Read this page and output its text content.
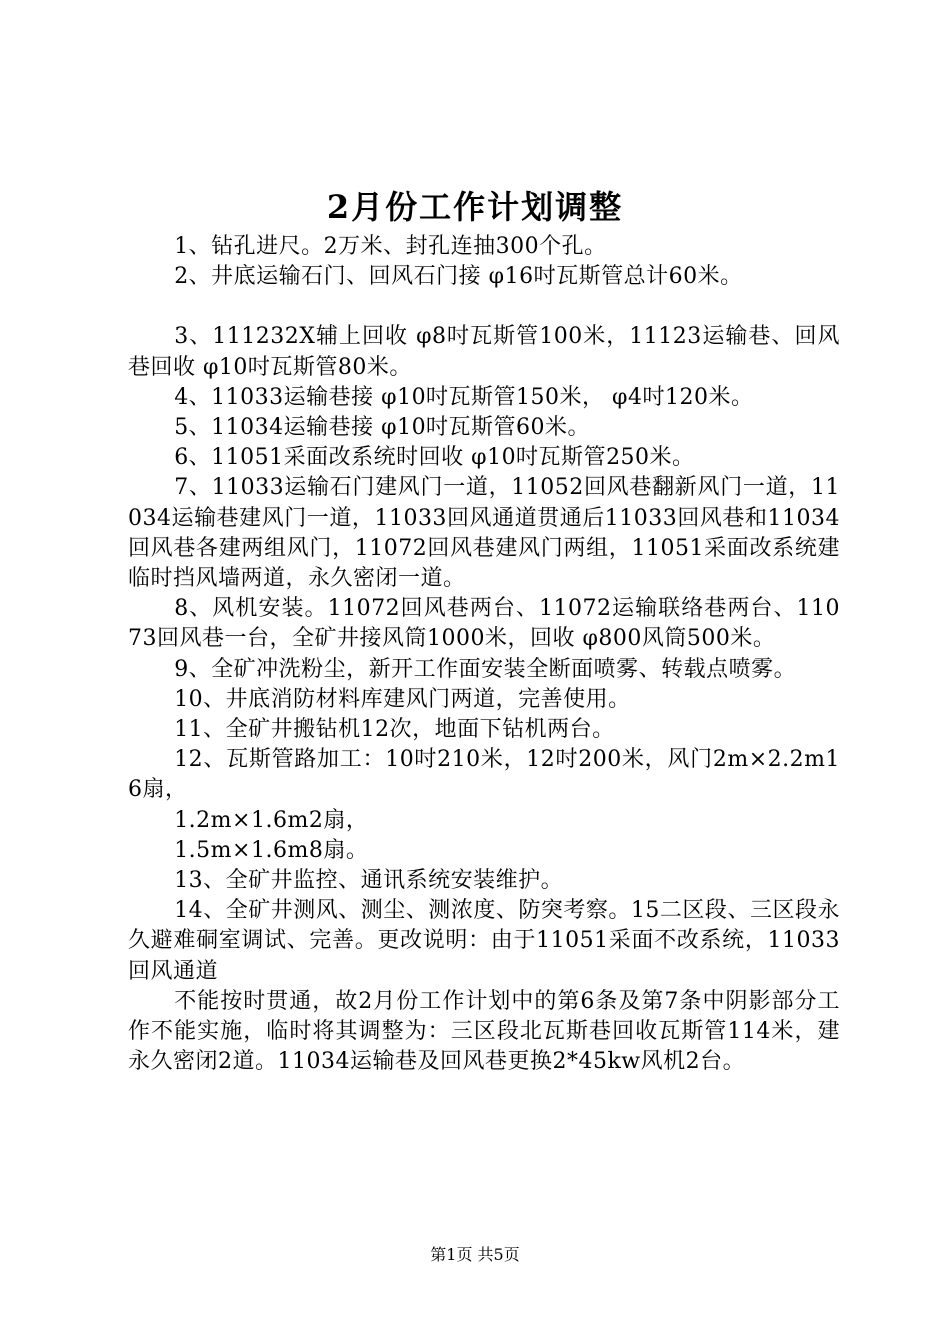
2月份工作计划调整

1、钻孔进尺。2万米、封孔连抽300个孔。

2、井底运输石门、回风石门接 φ16吋瓦斯管总计60米。

3、111232X辅上回收 φ8吋瓦斯管100米，11123运输巷、回风巷回收 φ10吋瓦斯管80米。

4、11033运输巷接 φ10吋瓦斯管150米， φ4吋120米。

5、11034运输巷接 φ10吋瓦斯管60米。

6、11051采面改系统时回收 φ10吋瓦斯管250米。

7、11033运输石门建风门一道，11052回风巷翻新风门一道，11034运输巷建风门一道，11033回风通道贯通后11033回风巷和11034回风巷各建两组风门，11072回风巷建风门两组，11051采面改系统建临时挡风墙两道，永久密闭一道。

8、风机安装。11072回风巷两台、11072运输联络巷两台、11073回风巷一台，全矿井接风筒1000米，回收 φ800风筒500米。

9、全矿冲洗粉尘，新开工作面安装全断面喷雾、转载点喷雾。

10、井底消防材料库建风门两道，完善使用。

11、全矿井搬钻机12次，地面下钻机两台。

12、瓦斯管路加工：10吋210米，12吋200米，风门2m×2.2m16扇，

1.2m×1.6m2扇，

1.5m×1.6m8扇。

13、全矿井监控、通讯系统安装维护。

14、全矿井测风、测尘、测浓度、防突考察。15二区段、三区段永久避难硐室调试、完善。更改说明：由于11051采面不改系统，11033回风通道

不能按时贯通，故2月份工作计划中的第6条及第7条中阴影部分工作不能实施，临时将其调整为：三区段北瓦斯巷回收瓦斯管114米，建永久密闭2道。11034运输巷及回风巷更换2*45kw风机2台。

第1页 共5页
